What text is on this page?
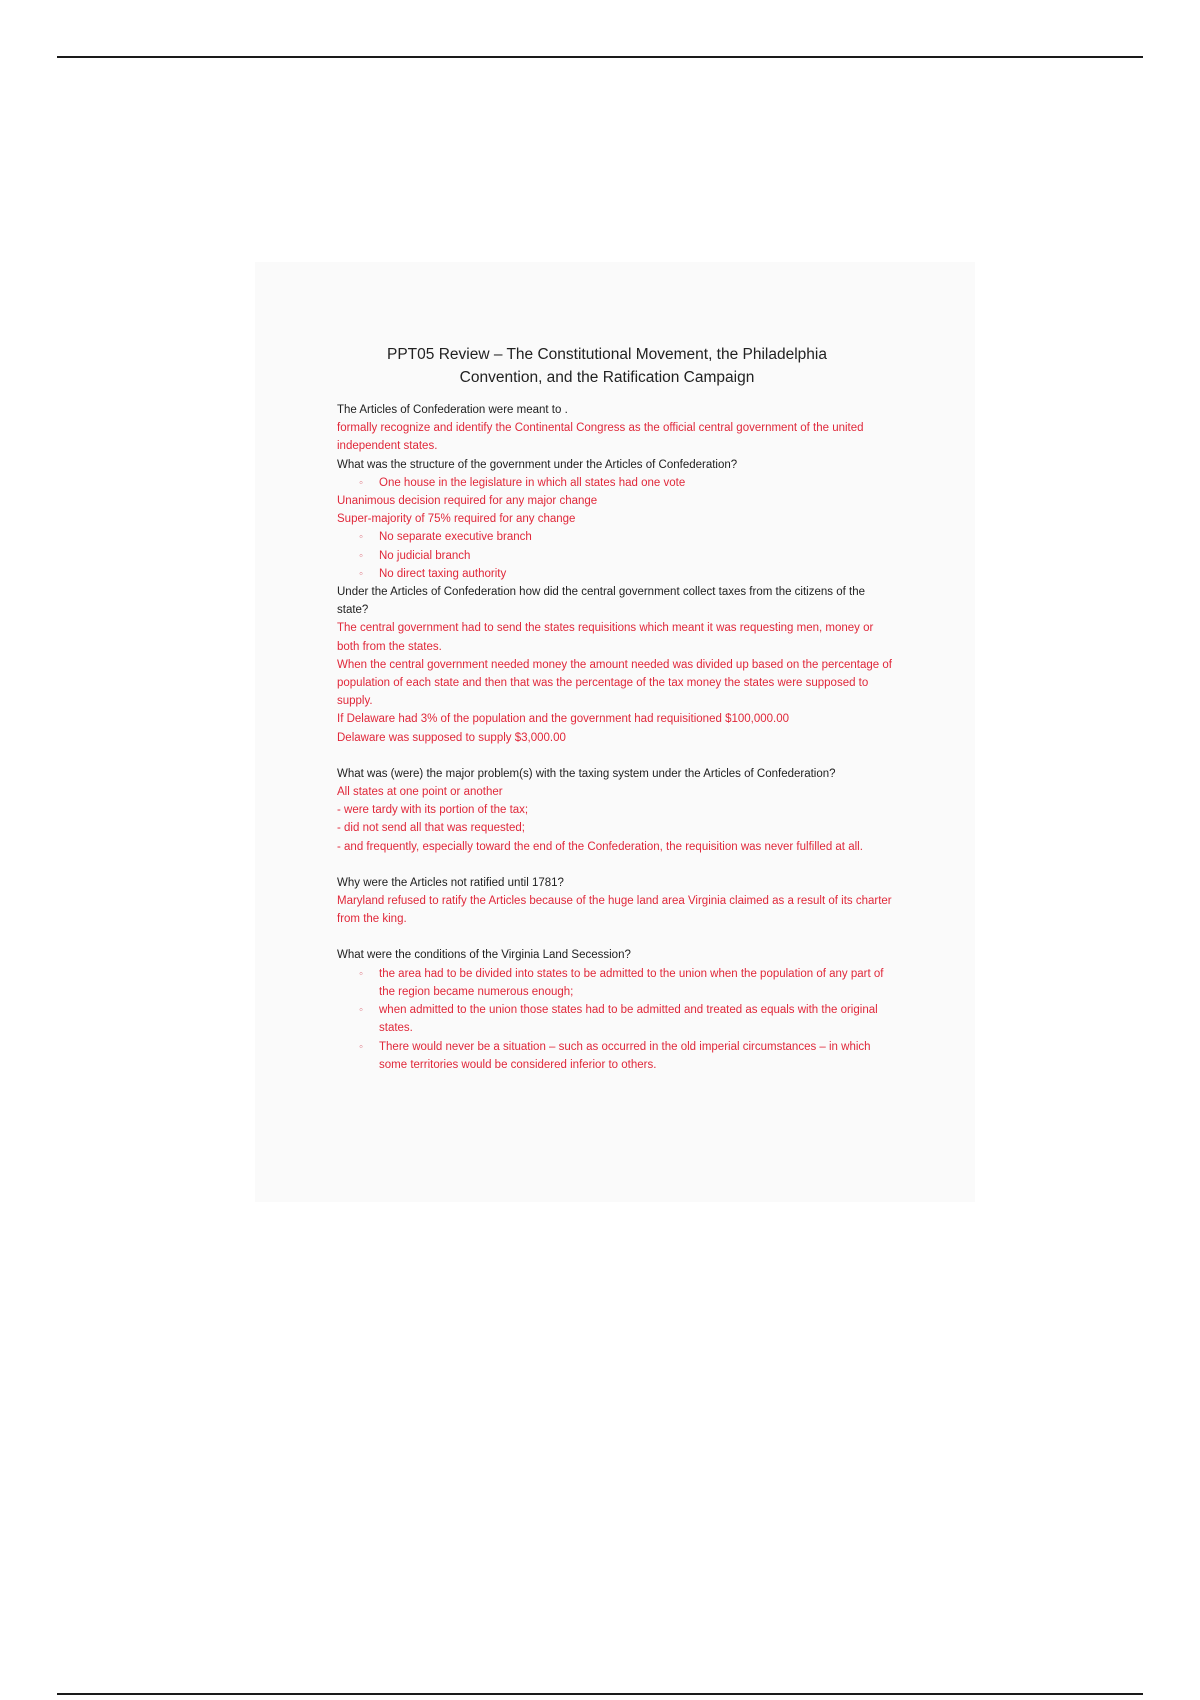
PPT05 Review – The Constitutional Movement, the Philadelphia
Convention, and the Ratification Campaign
The Articles of Confederation were meant to .
formally recognize and identify the Continental Congress as the official central government of the united independent states.
What was the structure of the government under the Articles of Confederation?
◦	One house in the legislature in which all states had one vote
Unanimous decision required for any major change
Super-majority of 75% required for any change
◦	No separate executive branch
◦	No judicial branch
◦	No direct taxing authority
Under the Articles of Confederation how did the central government collect taxes from the citizens of the state?
The central government had to send the states requisitions which meant it was requesting men, money or both from the states.
When the central government needed money the amount needed was divided up based on the percentage of population of each state and then that was the percentage of the tax money the states were supposed to supply.
If Delaware had 3% of the population and the government had requisitioned $100,000.00
Delaware was supposed to supply $3,000.00
What was (were) the major problem(s) with the taxing system under the Articles of Confederation?
All states at one point or another
- were tardy with its portion of the tax;
- did not send all that was requested;
- and frequently, especially toward the end of the Confederation, the requisition was never fulfilled at all.
Why were the Articles not ratified until 1781?
Maryland refused to ratify the Articles because of the huge land area Virginia claimed as a result of its charter from the king.
What were the conditions of the Virginia Land Secession?
◦	the area had to be divided into states to be admitted to the union when the population of any part of the region became numerous enough;
◦	when admitted to the union those states had to be admitted and treated as equals with the original states.
◦	There would never be a situation – such as occurred in the old imperial circumstances – in which some territories would be considered inferior to others.
